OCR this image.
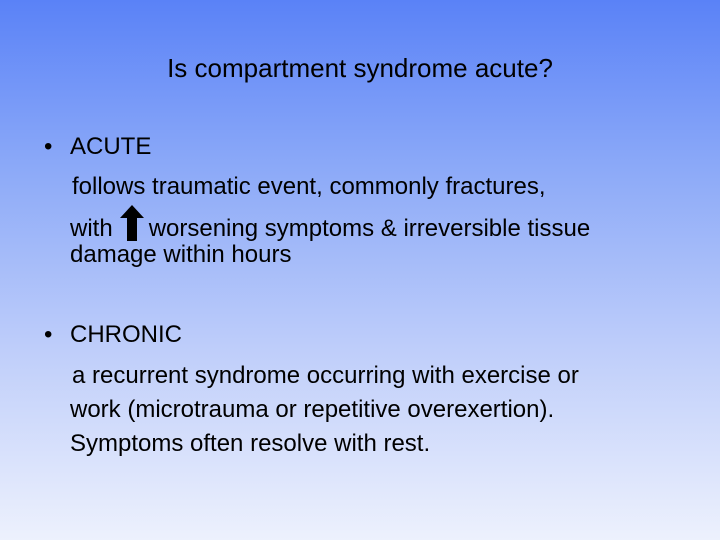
Is compartment syndrome acute?
• ACUTE
follows traumatic event, commonly fractures,
with worsening symptoms & irreversible tissue
damage within hours
• CHRONIC
a recurrent syndrome occurring with exercise or
work (microtrauma or repetitive overexertion).
Symptoms often resolve with rest.
